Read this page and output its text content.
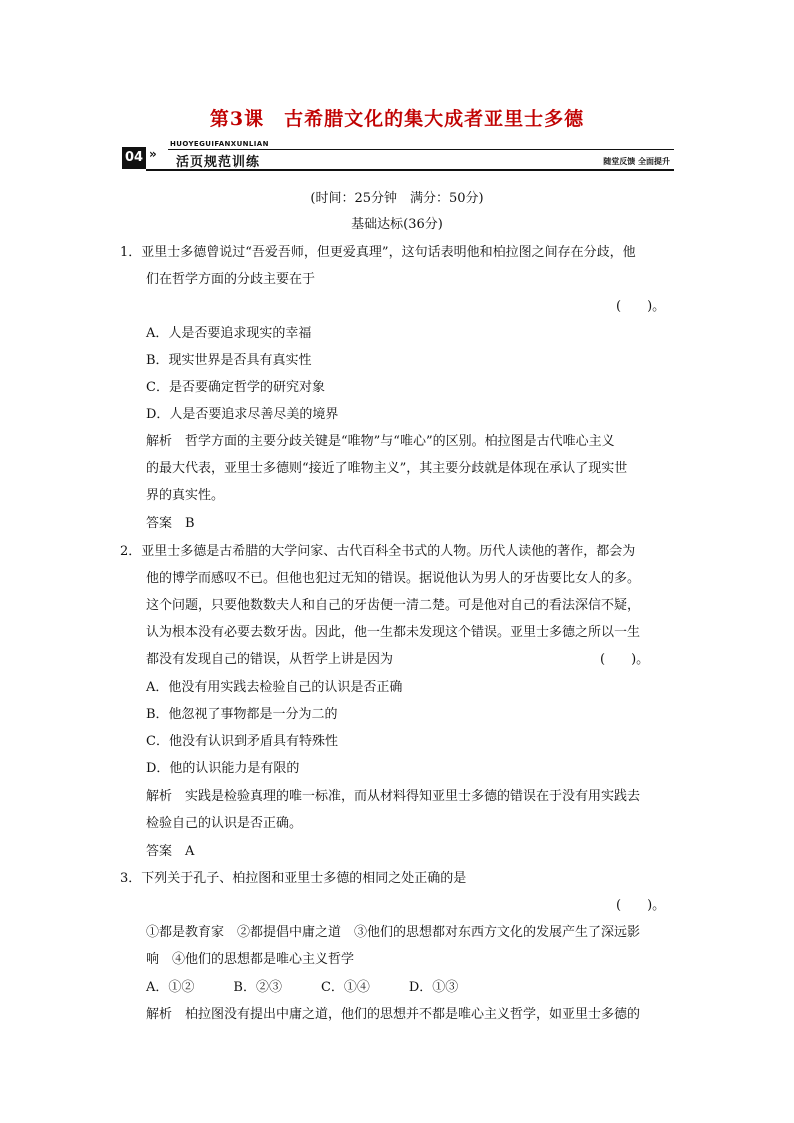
第3课　古希腊文化的集大成者亚里士多德
HUOYEGUIFANXUNLIAN
04 »
活页规范训练	随堂反馈 全面提升
(时间：25分钟　满分：50分)
基础达标(36分)
1．亚里士多德曾说过“吾爱吾师，但更爱真理”，这句话表明他和柏拉图之间存在分歧，他
们在哲学方面的分歧主要在于
(　　)。
A．人是否要追求现实的幸福
B．现实世界是否具有真实性
C．是否要确定哲学的研究对象
D．人是否要追求尽善尽美的境界
解析　哲学方面的主要分歧关键是“唯物”与“唯心”的区别。柏拉图是古代唯心主义
的最大代表，亚里士多德则“接近了唯物主义”，其主要分歧就是体现在承认了现实世
界的真实性。
答案　B
2．亚里士多德是古希腊的大学问家、古代百科全书式的人物。历代人读他的著作，都会为
他的博学而感叹不已。但他也犯过无知的错误。据说他认为男人的牙齿要比女人的多。
这个问题，只要他数数夫人和自己的牙齿便一清二楚。可是他对自己的看法深信不疑，
认为根本没有必要去数牙齿。因此，他一生都未发现这个错误。亚里士多德之所以一生
都没有发现自己的错误，从哲学上讲是因为	(　　)。
A．他没有用实践去检验自己的认识是否正确
B．他忽视了事物都是一分为二的
C．他没有认识到矛盾具有特殊性
D．他的认识能力是有限的
解析　实践是检验真理的唯一标准，而从材料得知亚里士多德的错误在于没有用实践去
检验自己的认识是否正确。
答案　A
3．下列关于孔子、柏拉图和亚里士多德的相同之处正确的是
(　　)。
①都是教育家　②都提倡中庸之道　③他们的思想都对东西方文化的发展产生了深远影
响　④他们的思想都是唯心主义哲学
A．①②　　　B．②③　　　C．①④　　　D．①③
解析　柏拉图没有提出中庸之道，他们的思想并不都是唯心主义哲学，如亚里士多德的
